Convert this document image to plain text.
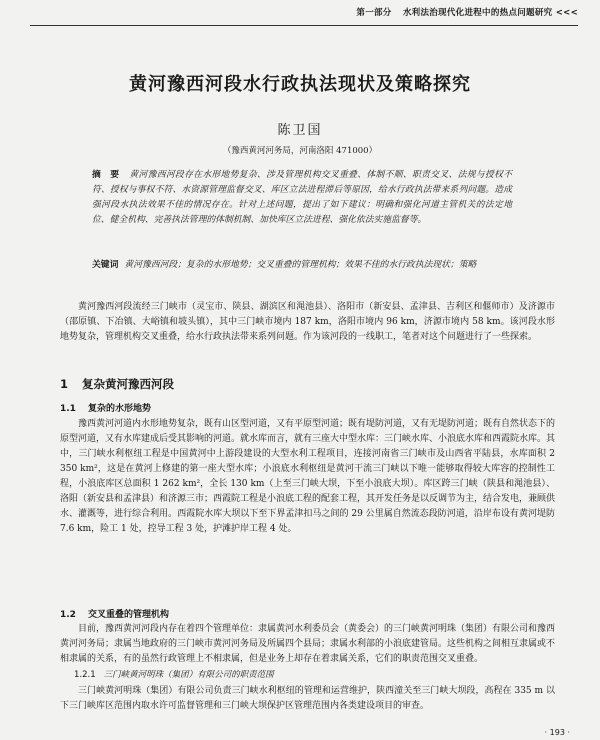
第一部分 水利法治现代化进程中的热点问题研究 <<<
黄河豫西河段水行政执法现状及策略探究
陈卫国
（豫西黄河河务局，河南洛阳 471000）
摘　要 黄河豫西河段存在水形地势复杂、涉及管理机构交叉重叠、体制不顺、职责交叉、法规与授权不符、授权与事权不符、水资源管理监督交叉、库区立法进程滞后等原因，给水行政执法带来系列问题。造成强河段水执法效果不佳的情况存在。针对上述问题，提出了如下建议：明确和强化河道主管机关的法定地位、健全机构、完善执法管理的体制机制、加快库区立法进程、强化依法实施监督等。
关键词 黄河豫西河段；复杂的水形地势；交叉重叠的管理机构；效果不佳的水行政执法现状；策略
黄河豫西河段流经三门峡市（灵宝市、陕县、湖滨区和渑池县）、洛阳市（新安县、孟津县、吉利区和偃师市）及济源市（邵原镇、下冶镇、大峪镇和坡头镇），其中三门峡市境内 187 km，洛阳市境内 96 km，济源市境内 58 km。该河段水形地势复杂，管理机构交叉重叠，给水行政执法带来系列问题。作为该河段的一线职工，笔者对这个问题进行了一些探索。
1 复杂黄河豫西河段
1.1 复杂的水形地势
豫西黄河河道内水形地势复杂，既有山区型河道，又有平原型河道；既有堤防河道，又有无堤防河道；既有自然状态下的原型河道，又有水库建成后受其影响的河道。就水库而言，就有三座大中型水库：三门峡水库、小浪底水库和西霞院水库。其中，三门峡水利枢纽工程是中国黄河中上游段建设的大型水利工程项目，连接河南省三门峡市及山西省平陆县，水库面积 2 350 km²，这是在黄河上修建的第一座大型水库；小浪底水利枢纽是黄河干流三门峡以下唯一能够取得较大库容的控制性工程，小浪底库区总面积 1 262 km²，全长 130 km（上至三门峡大坝，下至小浪底大坝）。库区跨三门峡（陕县和渑池县）、洛阳（新安县和孟津县）和济源三市；西霞院工程是小浪底工程的配套工程，其开发任务是以反调节为主，结合发电，兼顾供水、灌溉等，进行综合利用。西霞院水库大坝以下至下界孟津扣马之间的 29 公里属自然流态段防河道，沿岸布设有黄河堤防 7.6 km，险工 1 处，控导工程 3 处，护滩护岸工程 4 处。
1.2 交叉重叠的管理机构
目前，豫西黄河河段内存在着四个管理单位：隶属黄河水利委员会（黄委会）的三门峡黄河明珠（集团）有限公司和豫西黄河河务局；隶属当地政府的三门峡市黄河河务局及所属四个县局；隶属水利部的小浪底建管局。这些机构之间相互隶属或不相隶属的关系，有的虽然行政管理上不相隶属，但是业务上却存在着隶属关系，它们的职责范围交叉重叠。
1.2.1 三门峡黄河明珠（集团）有限公司的职责范围
三门峡黄河明珠（集团）有限公司负责三门峡水利枢纽的管理和运营维护，陕西潼关至三门峡大坝段，高程在 335 m 以下三门峡库区范围内取水许可监督管理和三门峡大坝保护区管理范围内各类建设项目的审查。
· 193 ·
